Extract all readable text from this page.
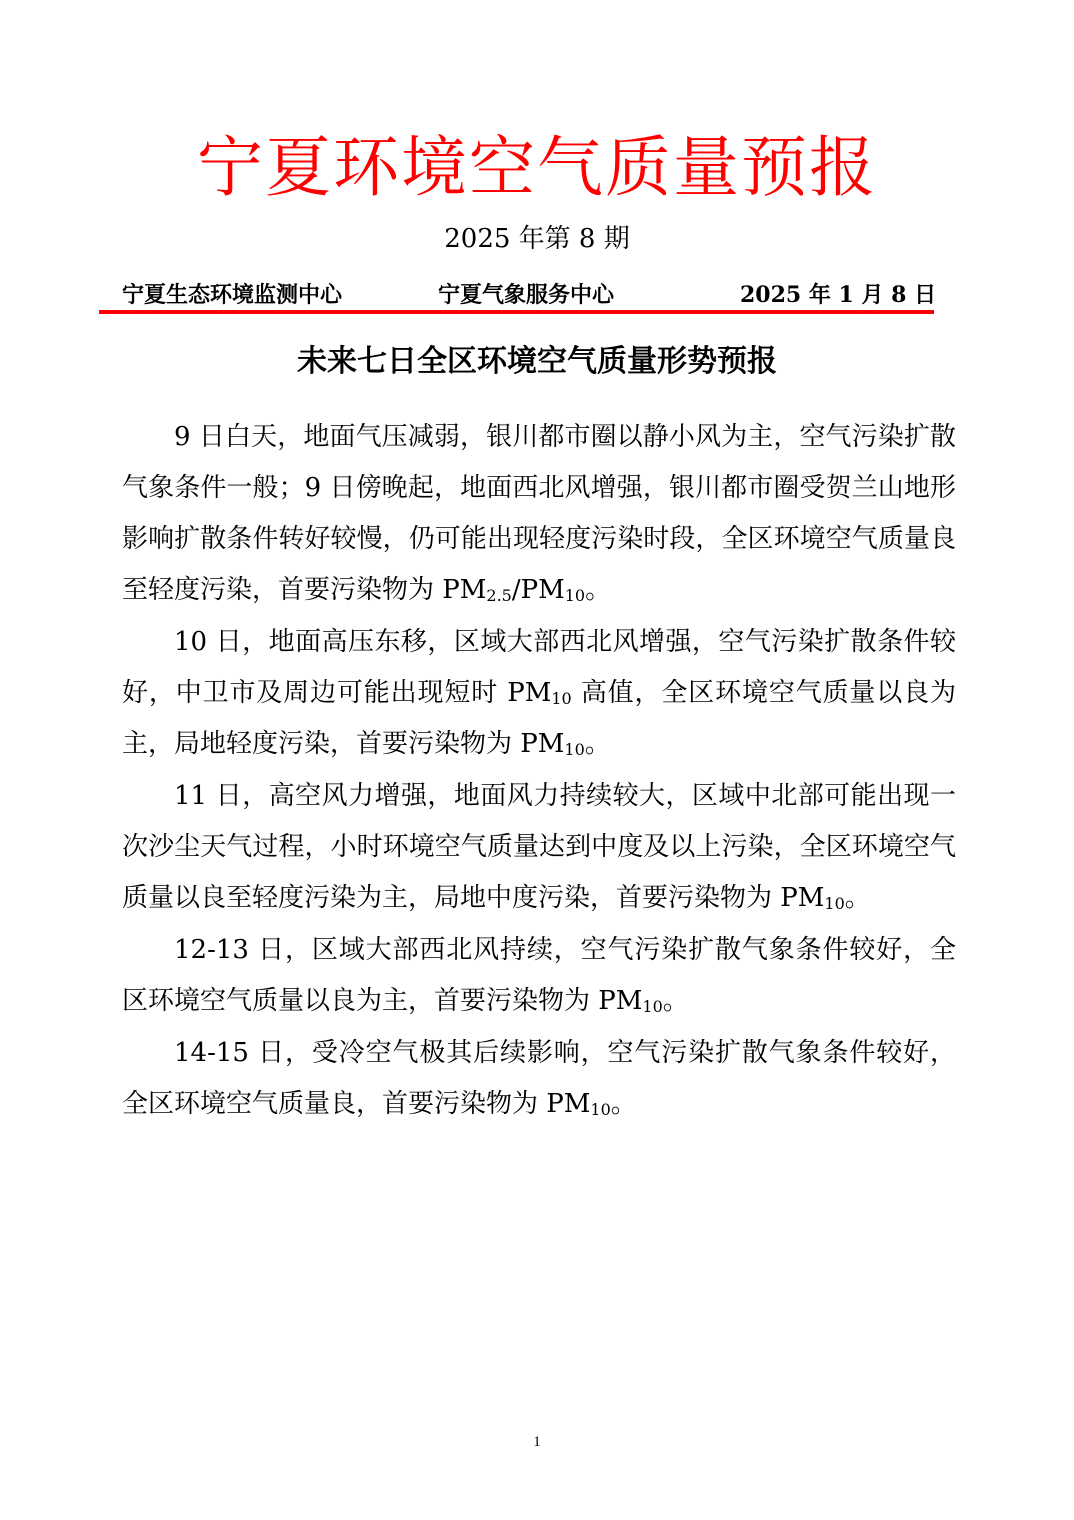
宁夏环境空气质量预报
2025 年第 8 期
宁夏生态环境监测中心	宁夏气象服务中心	2025 年 1 月 8 日
未来七日全区环境空气质量形势预报

9 日白天，地面气压减弱，银川都市圈以静小风为主，空气污染扩散气象条件一般；9 日傍晚起，地面西北风增强，银川都市圈受贺兰山地形影响扩散条件转好较慢，仍可能出现轻度污染时段，全区环境空气质量良至轻度污染，首要污染物为 $PM_{2.5}/PM_{10}$。

10 日，地面高压东移，区域大部西北风增强，空气污染扩散条件较好，中卫市及周边可能出现短时 $PM_{10}$ 高值，全区环境空气质量以良为主，局地轻度污染，首要污染物为 $PM_{10}$。

11 日，高空风力增强，地面风力持续较大，区域中北部可能出现一次沙尘天气过程，小时环境空气质量达到中度及以上污染，全区环境空气质量以良至轻度污染为主，局地中度污染，首要污染物为 $PM_{10}$。

12-13 日，区域大部西北风持续，空气污染扩散气象条件较好，全区环境空气质量以良为主，首要污染物为 $PM_{10}$。

14-15 日，受冷空气极其后续影响，空气污染扩散气象条件较好，全区环境空气质量良，首要污染物为 $PM_{10}$。

1
